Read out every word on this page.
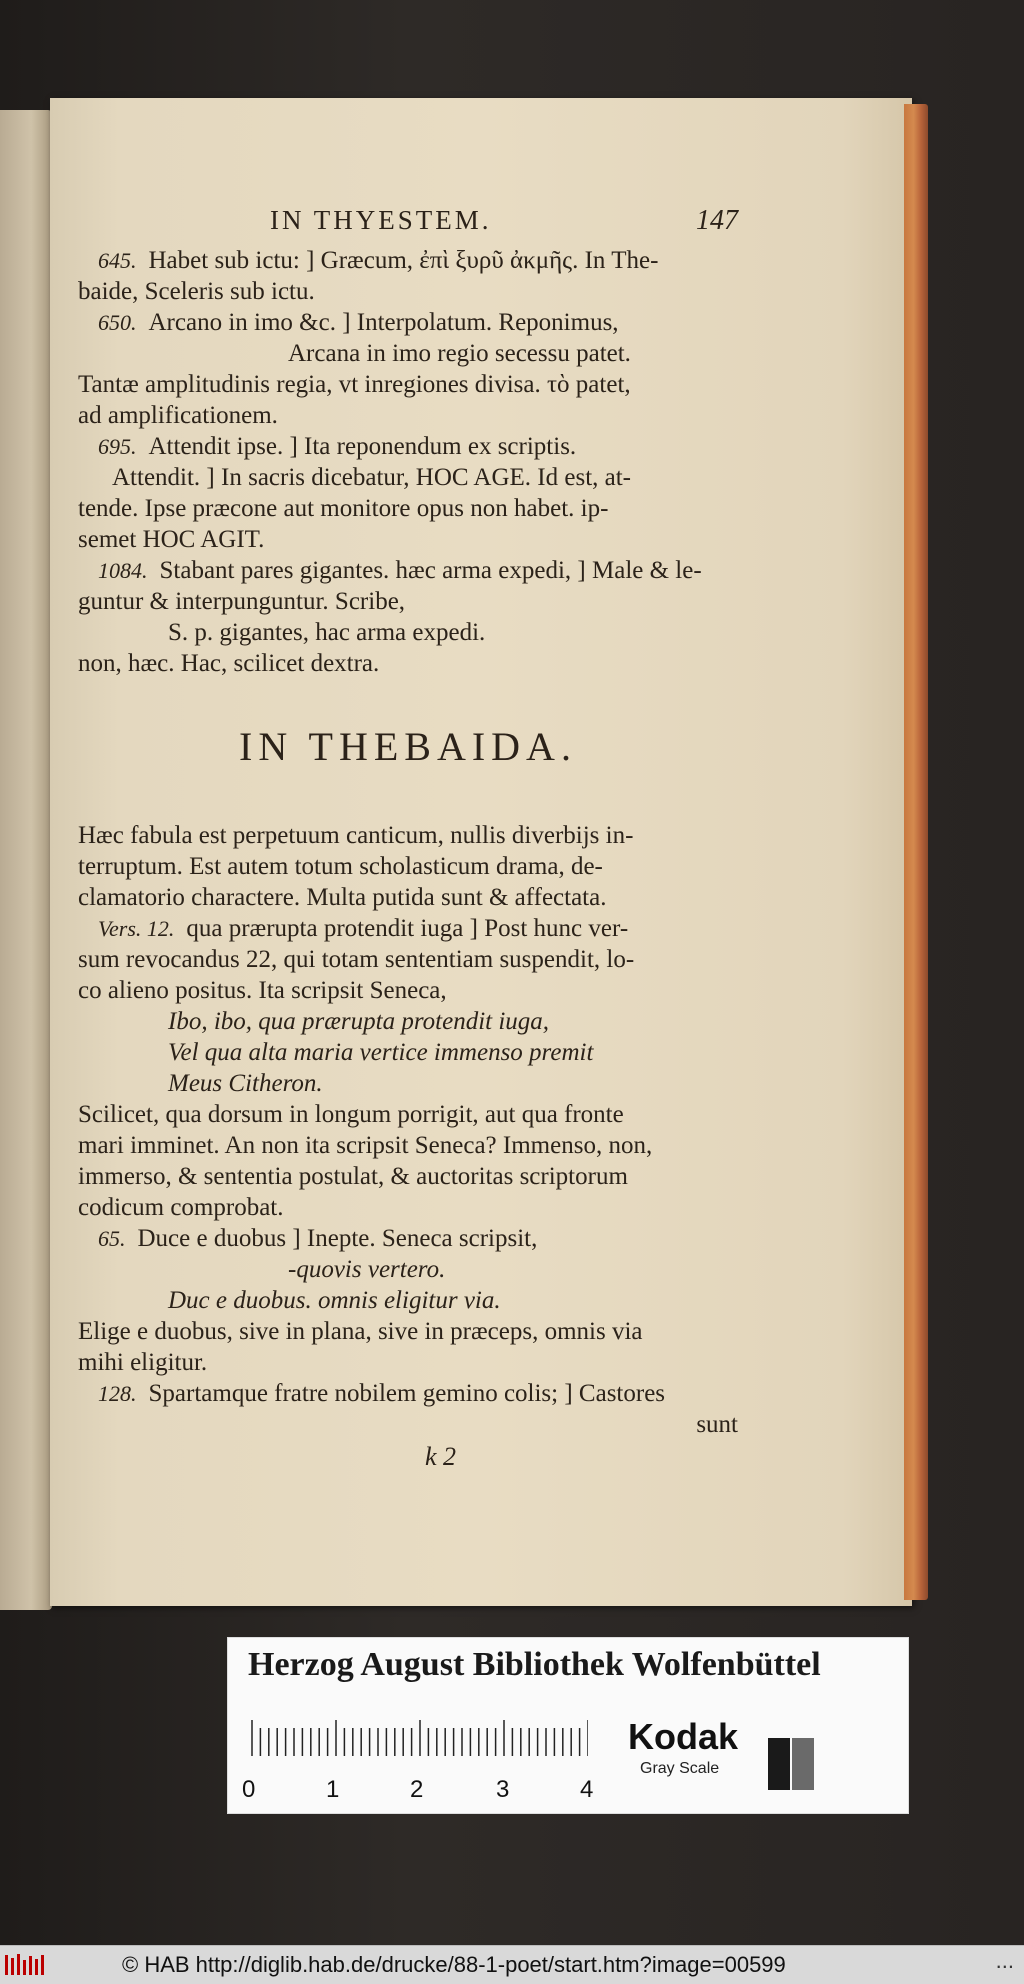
IN THYESTEM.	147
645. Habet sub ictu: ] Græcum, ἐπὶ ξυρῦ ἀκμῆς. In The-
baide, Sceleris sub ictu.
650. Arcano in imo &c. ] Interpolatum. Reponimus,
Arcana in imo regio secessu patet.
Tantæ amplitudinis regia, vt inregiones divisa. τὸ patet,
ad amplificationem.
695. Attendit ipse. ] Ita reponendum ex scriptis.
Attendit. ] In sacris dicebatur, HOC AGE. Id est, at-
tende. Ipse præcone aut monitore opus non habet. ip-
semet HOC AGIT.
1084. Stabant pares gigantes. hæc arma expedi, ] Male & le-
guntur & interpunguntur. Scribe,
S. p. gigantes, hac arma expedi.
non, hæc. Hac, scilicet dextra.
IN THEBAIDA.
Hæc fabula est perpetuum canticum, nullis diverbijs in-
terruptum. Est autem totum scholasticum drama, de-
clamatorio charactere. Multa putida sunt & affectata.
Vers. 12. qua prærupta protendit iuga ] Post hunc ver-
sum revocandus 22, qui totam sententiam suspendit, lo-
co alieno positus. Ita scripsit Seneca,
Ibo, ibo, qua prærupta protendit iuga,
Vel qua alta maria vertice immenso premit
Meus Citheron.
Scilicet, qua dorsum in longum porrigit, aut qua fronte
mari imminet. An non ita scripsit Seneca? Immenso, non,
immerso, & sententia postulat, & auctoritas scriptorum
codicum comprobat.
65. Duce e duobus ] Inepte. Seneca scripsit,
-quovis vertero.
Duc e duobus. omnis eligitur via.
Elige e duobus, sive in plana, sive in præceps, omnis via
mihi eligitur.
128. Spartamque fratre nobilem gemino colis; ] Castores
sunt
k 2
Herzog August Bibliothek Wolfenbüttel
0	1	2	3	4
Kodak
Gray Scale
© HAB http://diglib.hab.de/drucke/88-1-poet/start.htm?image=00599	...
